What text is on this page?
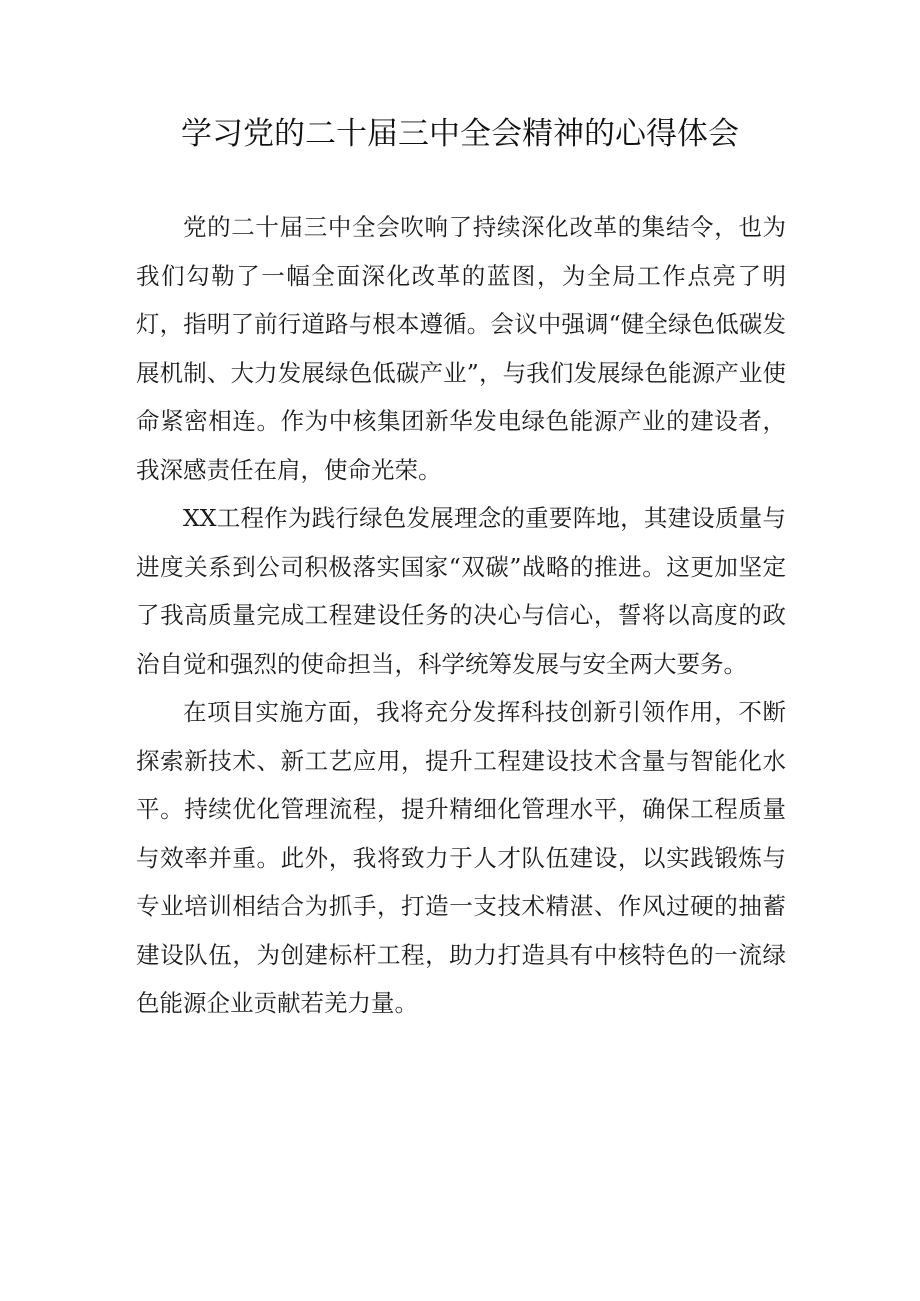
学习党的二十届三中全会精神的心得体会

党的二十届三中全会吹响了持续深化改革的集结令，也为我们勾勒了一幅全面深化改革的蓝图，为全局工作点亮了明灯，指明了前行道路与根本遵循。会议中强调“健全绿色低碳发展机制、大力发展绿色低碳产业”，与我们发展绿色能源产业使命紧密相连。作为中核集团新华发电绿色能源产业的建设者，我深感责任在肩，使命光荣。

XX工程作为践行绿色发展理念的重要阵地，其建设质量与进度关系到公司积极落实国家“双碳”战略的推进。这更加坚定了我高质量完成工程建设任务的决心与信心，誓将以高度的政治自觉和强烈的使命担当，科学统筹发展与安全两大要务。

在项目实施方面，我将充分发挥科技创新引领作用，不断探索新技术、新工艺应用，提升工程建设技术含量与智能化水平。持续优化管理流程，提升精细化管理水平，确保工程质量与效率并重。此外，我将致力于人才队伍建设，以实践锻炼与专业培训相结合为抓手，打造一支技术精湛、作风过硬的抽蓄建设队伍，为创建标杆工程，助力打造具有中核特色的一流绿色能源企业贡献若羌力量。
